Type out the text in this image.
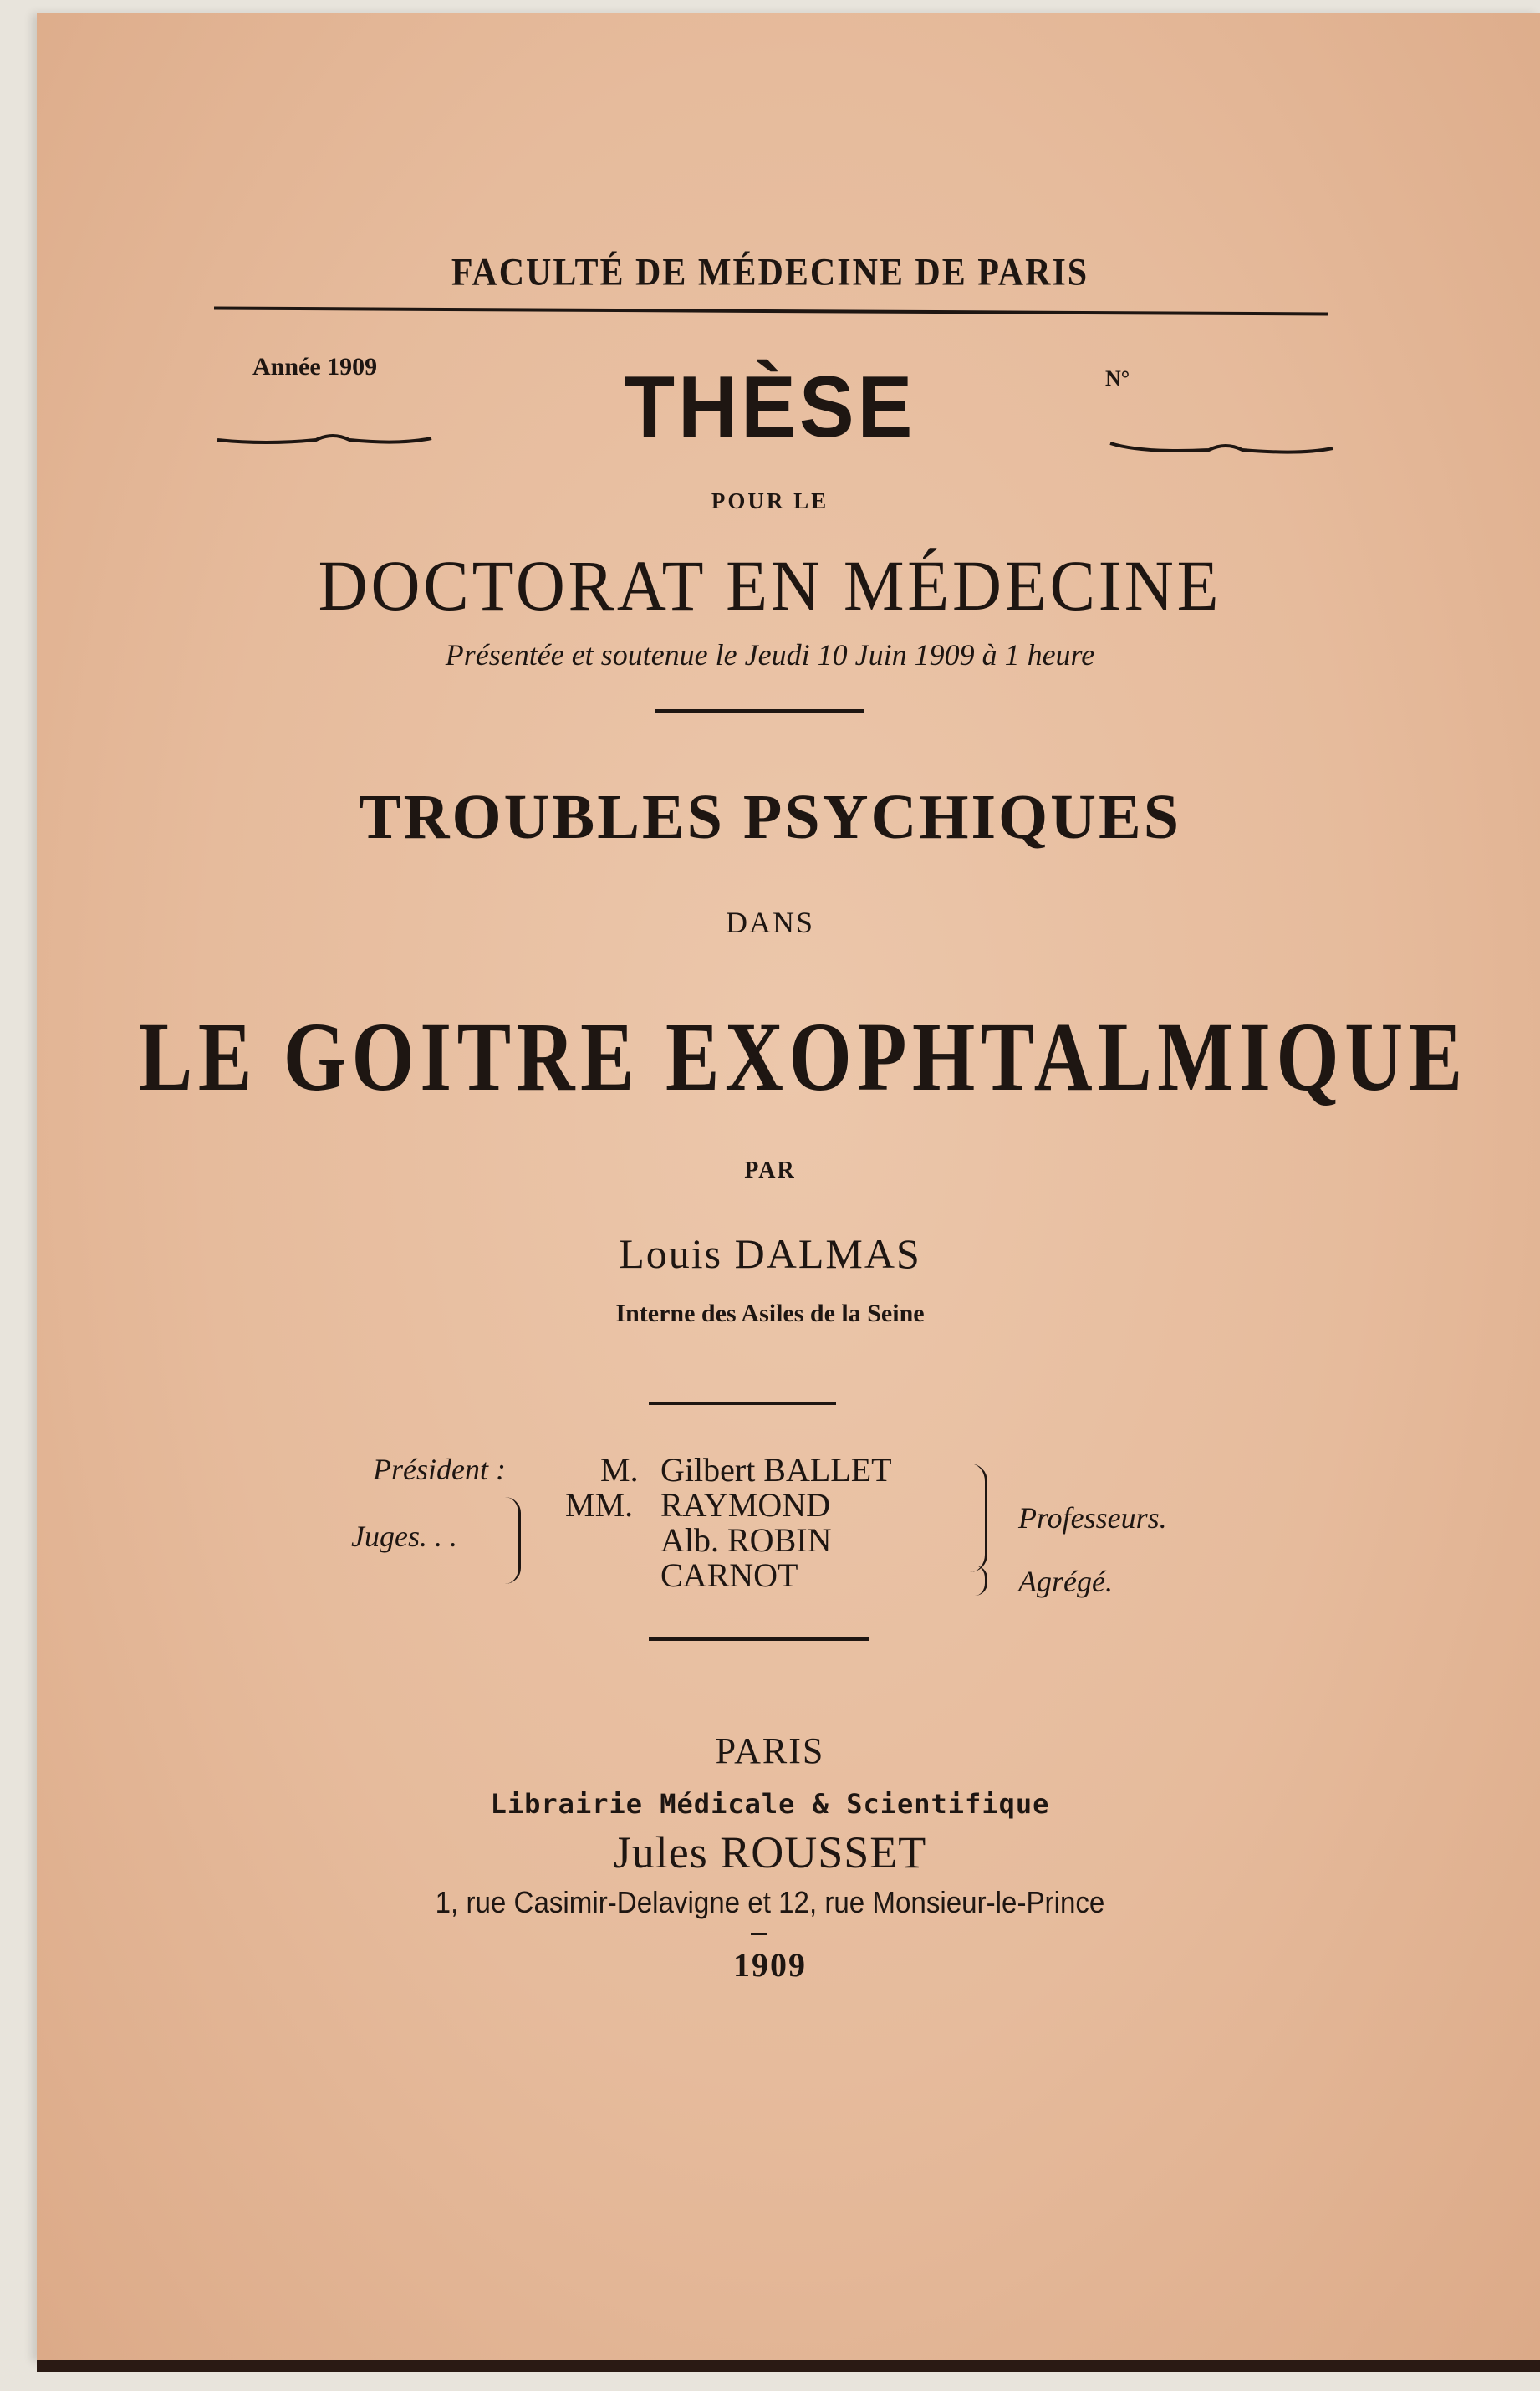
FACULTÉ DE MÉDECINE DE PARIS
Année 1909	THÈSE	N°
POUR LE
DOCTORAT EN MÉDECINE
Présentée et soutenue le Jeudi 10 Juin 1909 à 1 heure
TROUBLES PSYCHIQUES
DANS
LE GOITRE EXOPHTALMIQUE
PAR
Louis DALMAS
Interne des Asiles de la Seine
Président :
Juges. . .
M. Gilbert BALLET
MM. RAYMOND
Alb. ROBIN
CARNOT
Professeurs.
Agrégé.
PARIS
Librairie Médicale & Scientifique
Jules ROUSSET
1, rue Casimir-Delavigne et 12, rue Monsieur-le-Prince
1909
